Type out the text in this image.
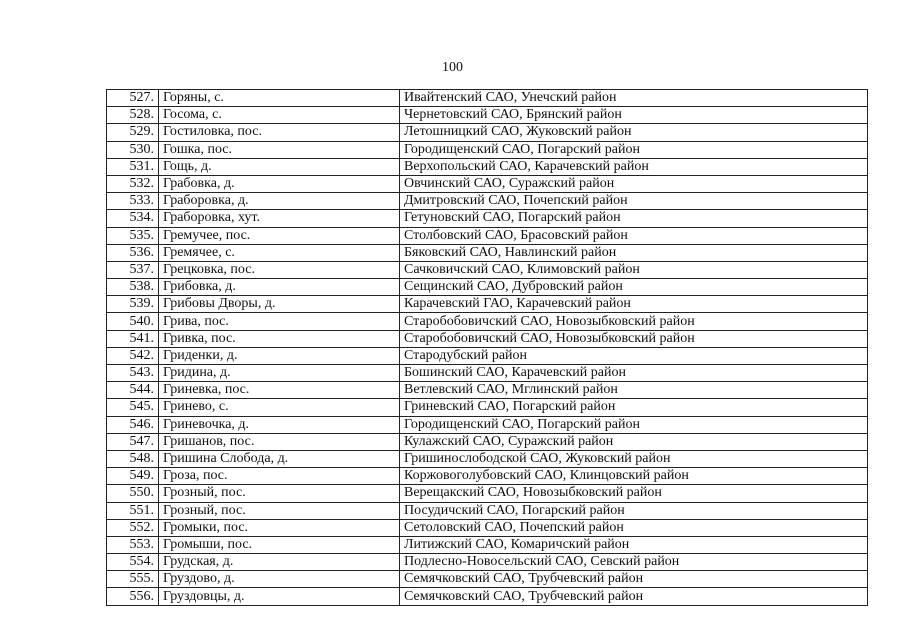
100
527.	Горяны, с.	Ивайтенский САО, Унечский район
528.	Госома, с.	Чернетовский САО, Брянский район
529.	Гостиловка, пос.	Летошницкий САО, Жуковский район
530.	Гошка, пос.	Городищенский САО, Погарский район
531.	Гощь, д.	Верхопольский САО, Карачевский район
532.	Грабовка, д.	Овчинский САО, Суражский район
533.	Граборовка, д.	Дмитровский САО, Почепский район
534.	Граборовка, хут.	Гетуновский САО, Погарский район
535.	Гремучее, пос.	Столбовский САО, Брасовский район
536.	Гремячее, с.	Бяковский САО, Навлинский район
537.	Грецковка, пос.	Сачковичский САО, Климовский район
538.	Грибовка, д.	Сещинский САО, Дубровский район
539.	Грибовы Дворы, д.	Карачевский ГАО, Карачевский район
540.	Грива, пос.	Старобобовичский САО, Новозыбковский район
541.	Гривка, пос.	Старобобовичский САО, Новозыбковский район
542.	Гриденки, д.	Стародубский район
543.	Гридина, д.	Бошинский САО, Карачевский район
544.	Гриневка, пос.	Ветлевский САО, Мглинский район
545.	Гринево, с.	Гриневский САО, Погарский район
546.	Гриневочка, д.	Городищенский САО, Погарский район
547.	Гришанов, пос.	Кулажский САО, Суражский район
548.	Гришина Слобода, д.	Гришинослободской САО, Жуковский район
549.	Гроза, пос.	Коржовоголубовский САО, Клинцовский район
550.	Грозный, пос.	Верещакский САО, Новозыбковский район
551.	Грозный, пос.	Посудичский САО, Погарский район
552.	Громыки, пос.	Сетоловский САО, Почепский район
553.	Громыши, пос.	Литижский САО, Комаричский район
554.	Грудская, д.	Подлесно-Новосельский САО, Севский район
555.	Груздово, д.	Семячковский САО, Трубчевский район
556.	Груздовцы, д.	Семячковский САО, Трубчевский район
